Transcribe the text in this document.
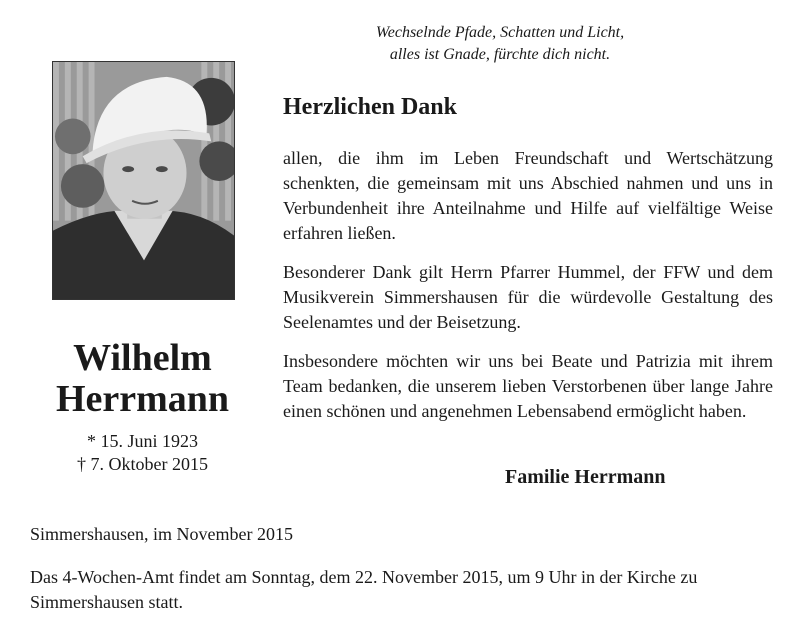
Wechselnde Pfade, Schatten und Licht,
alles ist Gnade, fürchte dich nicht.
Wilhelm
Herrmann
* 15. Juni 1923
† 7. Oktober 2015
Herzlichen Dank

allen, die ihm im Leben Freundschaft und Wertschätzung schenkten, die gemeinsam mit uns Abschied nahmen und uns in Verbundenheit ihre Anteilnahme und Hilfe auf vielfältige Weise erfahren ließen.

Besonderer Dank gilt Herrn Pfarrer Hummel, der FFW und dem Musikverein Simmershausen für die würdevolle Gestaltung des Seelenamtes und der Beisetzung.

Insbesondere möchten wir uns bei Beate und Patrizia mit ihrem Team bedanken, die unserem lieben Verstorbenen über lange Jahre einen schönen und angenehmen Lebensabend ermöglicht haben.

Familie Herrmann
Simmershausen, im November 2015
Das 4-Wochen-Amt findet am Sonntag, dem 22. November 2015, um 9 Uhr in der Kirche zu Simmershausen statt.
